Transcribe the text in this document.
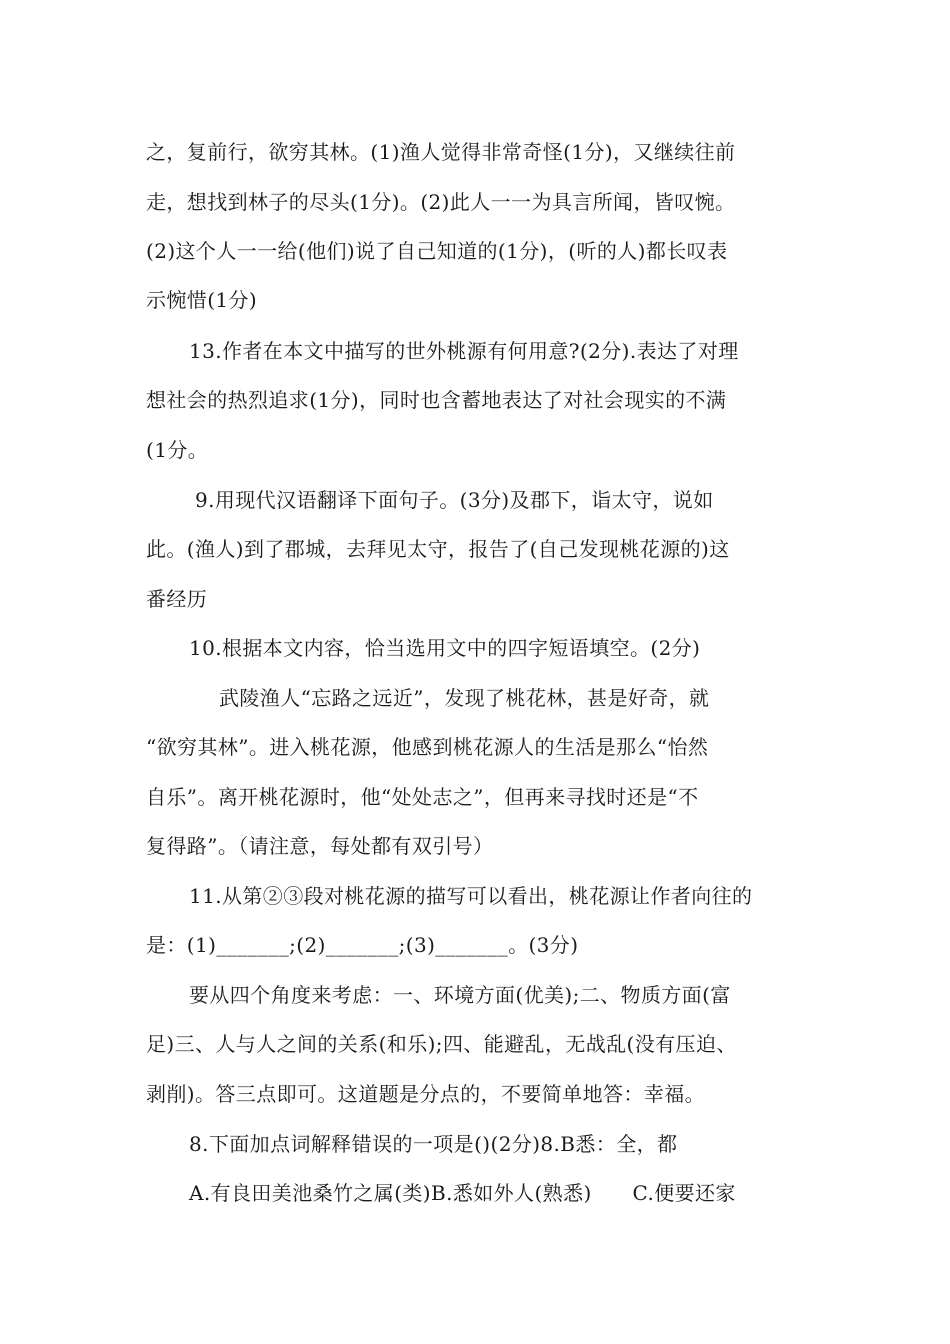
之，复前行，欲穷其林。(1)渔人觉得非常奇怪(1分)，又继续往前
走，想找到林子的尽头(1分)。(2)此人一一为具言所闻，皆叹惋。
(2)这个人一一给(他们)说了自己知道的(1分)，(听的人)都长叹表
示惋惜(1分)
13.作者在本文中描写的世外桃源有何用意?(2分).表达了对理
想社会的热烈追求(1分)，同时也含蓄地表达了对社会现实的不满
(1分。
9.用现代汉语翻译下面句子。(3分)及郡下，诣太守，说如
此。(渔人)到了郡城，去拜见太守，报告了(自己发现桃花源的)这
番经历
10.根据本文内容，恰当选用文中的四字短语填空。(2分)
武陵渔人“忘路之远近”，发现了桃花林，甚是好奇，就
“欲穷其林”。进入桃花源，他感到桃花源人的生活是那么“怡然
自乐”。离开桃花源时，他“处处志之”，但再来寻找时还是“不
复得路”。（请注意，每处都有双引号）
11.从第②③段对桃花源的描写可以看出，桃花源让作者向往的
是：(1)_______;(2)_______;(3)_______。(3分)
要从四个角度来考虑：一、环境方面(优美);二、物质方面(富
足)三、人与人之间的关系(和乐);四、能避乱，无战乱(没有压迫、
剥削)。答三点即可。这道题是分点的，不要简单地答：幸福。
8.下面加点词解释错误的一项是()(2分)8.B悉：全，都
A.有良田美池桑竹之属(类)B.悉如外人(熟悉)　　C.便要还家
